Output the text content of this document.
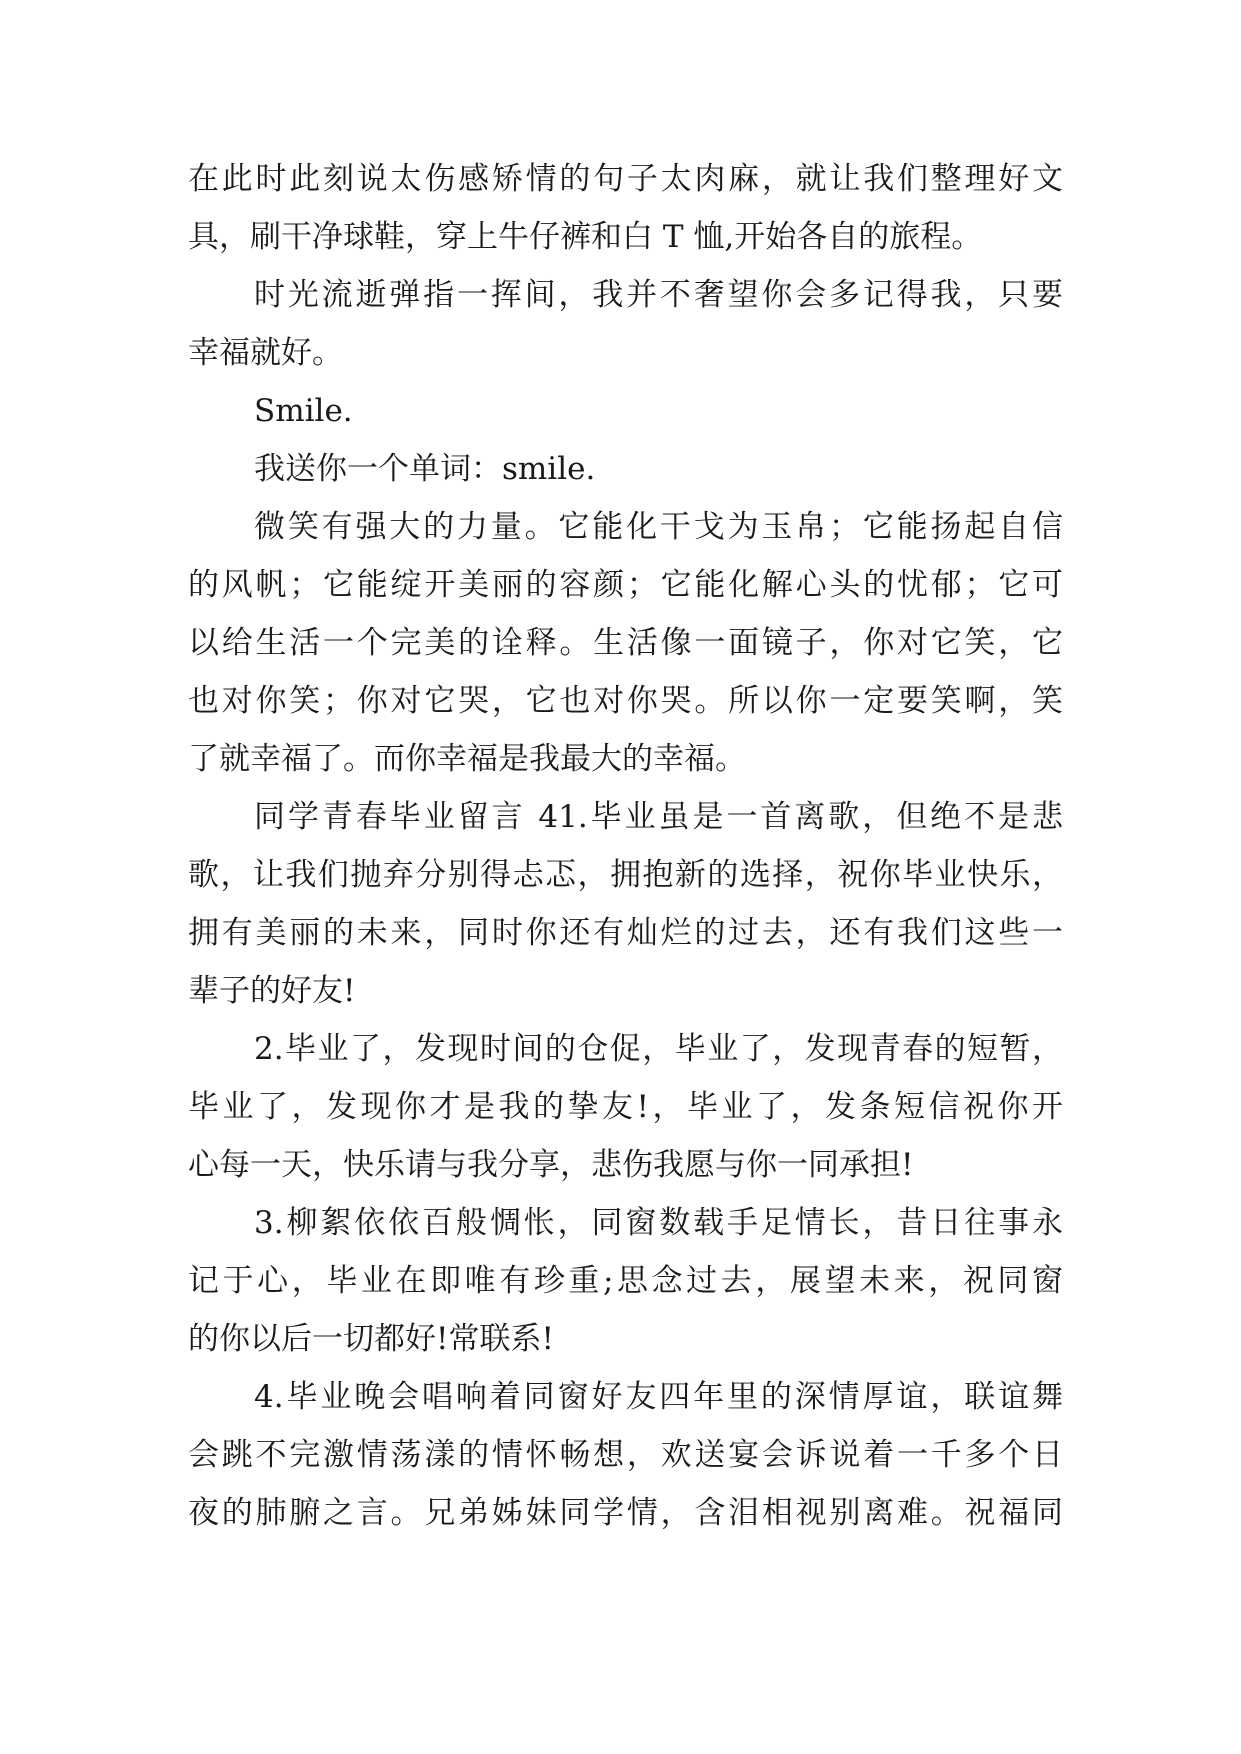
在此时此刻说太伤感矫情的句子太肉麻，就让我们整理好文
具，刷干净球鞋，穿上牛仔裤和白 T 恤,开始各自的旅程。
时光流逝弹指一挥间，我并不奢望你会多记得我，只要
幸福就好。
Smile.
我送你一个单词：smile.
微笑有强大的力量。它能化干戈为玉帛；它能扬起自信
的风帆；它能绽开美丽的容颜；它能化解心头的忧郁；它可
以给生活一个完美的诠释。生活像一面镜子，你对它笑，它
也对你笑；你对它哭，它也对你哭。所以你一定要笑啊，笑
了就幸福了。而你幸福是我最大的幸福。
同学青春毕业留言 41.毕业虽是一首离歌，但绝不是悲
歌，让我们抛弃分别得忐忑，拥抱新的选择，祝你毕业快乐，
拥有美丽的未来，同时你还有灿烂的过去，还有我们这些一
辈子的好友!
2.毕业了，发现时间的仓促，毕业了，发现青春的短暂，
毕业了，发现你才是我的挚友!，毕业了，发条短信祝你开
心每一天，快乐请与我分享，悲伤我愿与你一同承担!
3.柳絮依依百般惆怅，同窗数载手足情长，昔日往事永
记于心，毕业在即唯有珍重;思念过去，展望未来，祝同窗
的你以后一切都好!常联系!
4.毕业晚会唱响着同窗好友四年里的深情厚谊，联谊舞
会跳不完激情荡漾的情怀畅想，欢送宴会诉说着一千多个日
夜的肺腑之言。兄弟姊妹同学情，含泪相视别离难。祝福同
